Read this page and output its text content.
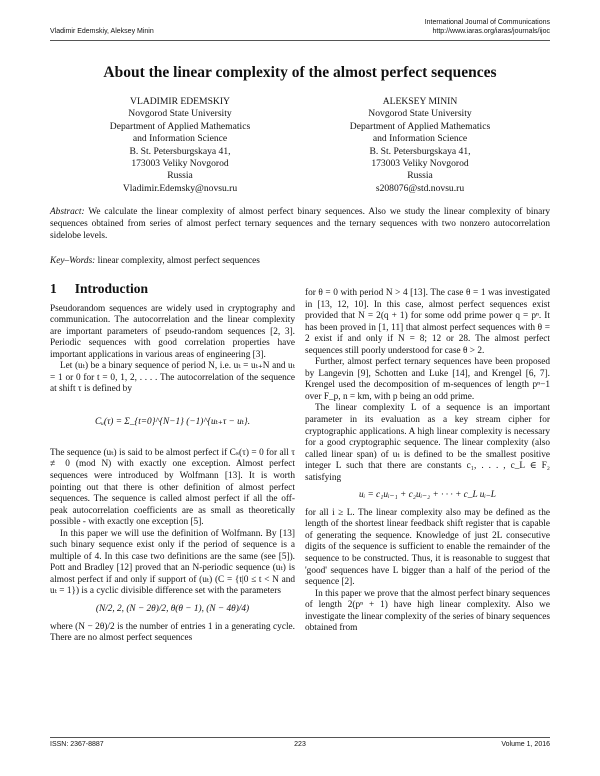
Vladimir Edemskiy, Aleksey Minin
International Journal of Communications
http://www.iaras.org/iaras/journals/ijoc
About the linear complexity of the almost perfect sequences
VLADIMIR EDEMSKIY
Novgorod State University
Department of Applied Mathematics
and Information Science
B. St. Petersburgskaya 41,
173003 Veliky Novgorod
Russia
Vladimir.Edemsky@novsu.ru
ALEKSEY MININ
Novgorod State University
Department of Applied Mathematics
and Information Science
B. St. Petersburgskaya 41,
173003 Veliky Novgorod
Russia
s208076@std.novsu.ru
Abstract: We calculate the linear complexity of almost perfect binary sequences. Also we study the linear complexity of binary sequences obtained from series of almost perfect ternary sequences and the ternary sequences with two nonzero autocorrelation sidelobe levels.
Key–Words: linear complexity, almost perfect sequences
1 Introduction

Pseudorandom sequences are widely used in cryptography and communication. The autocorrelation and the linear complexity are important parameters of pseudo-random sequences [2, 3]. Periodic sequences with good correlation properties have important applications in various areas of engineering [3].

Let (uₜ) be a binary sequence of period N, i.e. uₜ = uₜ₊N and uₜ = 1 or 0 for t = 0, 1, 2, . . . . The autocorrelation of the sequence at shift τ is defined by

Cᵤ(τ) = Σ_{t=0}^{N−1} (−1)^{uₜ₊τ − uₜ}.

The sequence (uₜ) is said to be almost perfect if Cₛ(τ) = 0 for all τ ≢ 0 (mod N) with exactly one exception. Almost perfect sequences were introduced by Wolfmann [13]. It is worth pointing out that there is other definition of almost perfect sequences. The sequence is called almost perfect if all the off-peak autocorrelation coefficients are as small as theoretically possible - with exactly one exception [5].

In this paper we will use the definition of Wolfmann. By [13] such binary sequence exist only if the period of sequence is a multiple of 4. In this case two definitions are the same (see [5]). Pott and Bradley [12] proved that an N-periodic sequence (uₜ) is almost perfect if and only if support of (uₜ) (C = {t|0 ≤ t < N and uₜ = 1}) is a cyclic divisible difference set with the parameters

(N/2, 2, (N − 2θ)/2, θ(θ − 1), (N − 4θ)/4)

where (N − 2θ)/2 is the number of entries 1 in a generating cycle. There are no almost perfect sequences

for θ = 0 with period N > 4 [13]. The case θ = 1 was investigated in [13, 12, 10]. In this case, almost perfect sequences exist provided that N = 2(q + 1) for some odd prime power q = pⁿ. It has been proved in [1, 11] that almost perfect sequences with θ = 2 exist if and only if N = 8; 12 or 28. The almost perfect sequences still poorly understood for case θ > 2.

Further, almost perfect ternary sequences have been proposed by Langevin [9], Schotten and Luke [14], and Krengel [6, 7]. Krengel used the decomposition of m-sequences of length pⁿ−1 over F_p, n = km, with p being an odd prime.

The linear complexity L of a sequence is an important parameter in its evaluation as a key stream cipher for cryptographic applications. A high linear complexity is necessary for a good cryptographic sequence. The linear complexity (also called linear span) of uₜ is defined to be the smallest positive integer L such that there are constants c₁, . . . , c_L ∈ F₂ satisfying

uᵢ = c₁uᵢ₋₁ + c₂uᵢ₋₂ + · · · + c_L uᵢ₋L

for all i ≥ L. The linear complexity also may be defined as the length of the shortest linear feedback shift register that is capable of generating the sequence. Knowledge of just 2L consecutive digits of the sequence is sufficient to enable the remainder of the sequence to be constructed. Thus, it is reasonable to suggest that 'good' sequences have L bigger than a half of the period of the sequence [2].

In this paper we prove that the almost perfect binary sequences of length 2(pⁿ + 1) have high linear complexity. Also we investigate the linear complexity of the series of binary sequences obtained from

ISSN: 2367-8887	223	Volume 1, 2016
